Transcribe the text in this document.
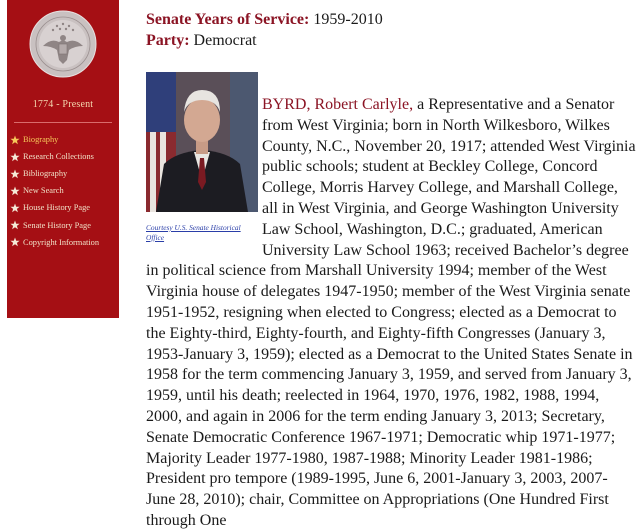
1774 - Present
Biography
Research Collections
Bibliography
New Search
House History Page
Senate History Page
Copyright Information

Senate Years of Service: 1959-2010

Party: Democrat

Courtesy U.S. Senate Historical Office

BYRD, Robert Carlyle, a Representative and a Senator from West Virginia; born in North Wilkesboro, Wilkes County, N.C., November 20, 1917; attended West Virginia public schools; student at Beckley College, Concord College, Morris Harvey College, and Marshall College, all in West Virginia, and George Washington University Law School, Washington, D.C.; graduated, American University Law School 1963; received Bachelor’s degree in political science from Marshall University 1994; member of the West Virginia house of delegates 1947-1950; member of the West Virginia senate 1951-1952, resigning when elected to Congress; elected as a Democrat to the Eighty-third, Eighty-fourth, and Eighty-fifth Congresses (January 3, 1953-January 3, 1959); elected as a Democrat to the United States Senate in 1958 for the term commencing January 3, 1959, and served from January 3, 1959, until his death; reelected in 1964, 1970, 1976, 1982, 1988, 1994, 2000, and again in 2006 for the term ending January 3, 2013; Secretary, Senate Democratic Conference 1967-1971; Democratic whip 1971-1977; Majority Leader 1977-1980, 1987-1988; Minority Leader 1981-1986; President pro tempore (1989-1995, June 6, 2001-January 3, 2003, 2007-June 28, 2010); chair, Committee on Appropriations (One Hundred First through One
